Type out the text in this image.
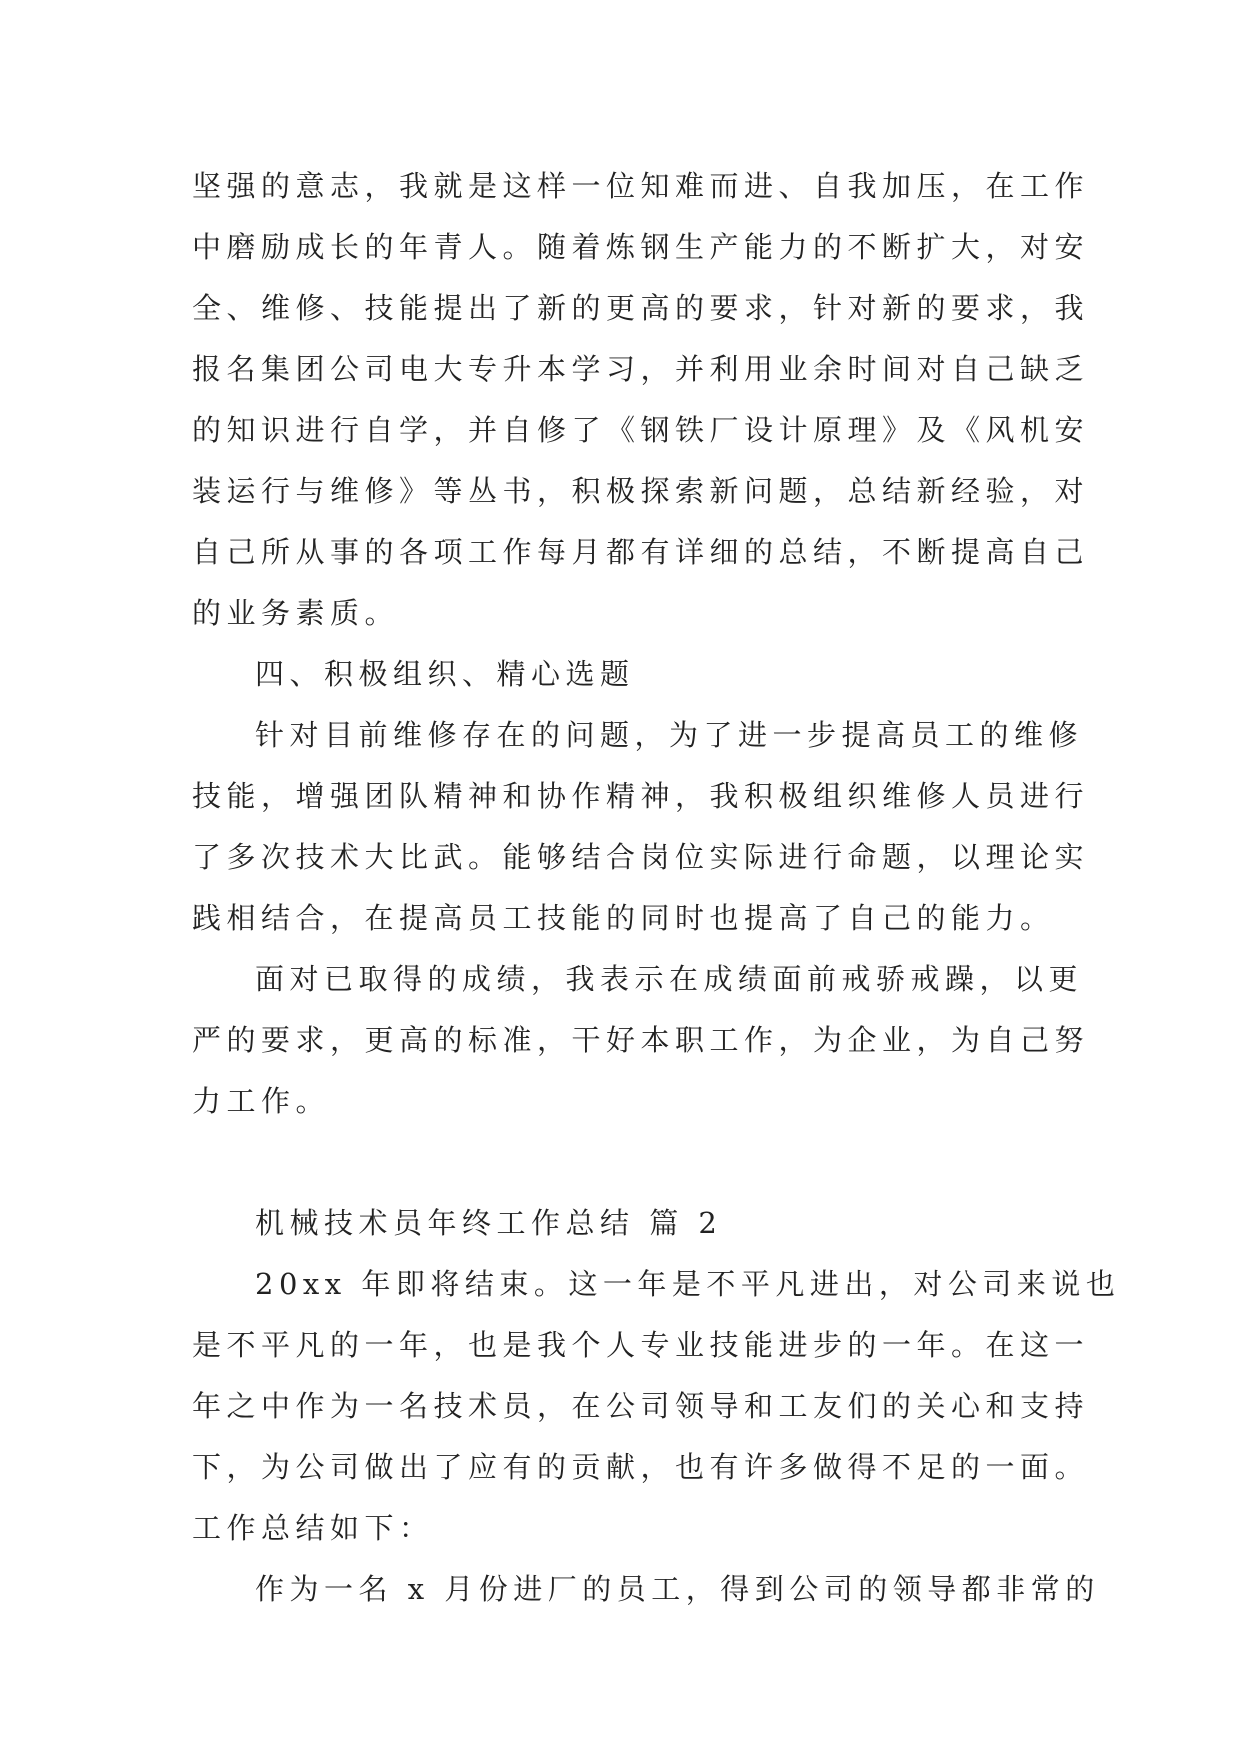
坚强的意志，我就是这样一位知难而进、自我加压，在工作
中磨励成长的年青人。随着炼钢生产能力的不断扩大，对安
全、维修、技能提出了新的更高的要求，针对新的要求，我
报名集团公司电大专升本学习，并利用业余时间对自己缺乏
的知识进行自学，并自修了《钢铁厂设计原理》及《风机安
装运行与维修》等丛书，积极探索新问题，总结新经验，对
自己所从事的各项工作每月都有详细的总结，不断提高自己
的业务素质。
四、积极组织、精心选题
针对目前维修存在的问题，为了进一步提高员工的维修
技能，增强团队精神和协作精神，我积极组织维修人员进行
了多次技术大比武。能够结合岗位实际进行命题，以理论实
践相结合，在提高员工技能的同时也提高了自己的能力。
面对已取得的成绩，我表示在成绩面前戒骄戒躁，以更
严的要求，更高的标准，干好本职工作，为企业，为自己努
力工作。
机械技术员年终工作总结 篇 2
20xx 年即将结束。这一年是不平凡进出，对公司来说也
是不平凡的一年，也是我个人专业技能进步的一年。在这一
年之中作为一名技术员，在公司领导和工友们的关心和支持
下，为公司做出了应有的贡献，也有许多做得不足的一面。
工作总结如下：
作为一名 x 月份进厂的员工，得到公司的领导都非常的
